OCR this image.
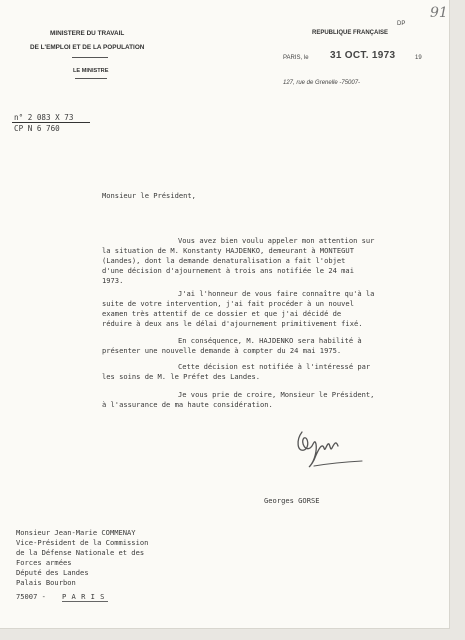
MINISTERE DU TRAVAIL
DE L'EMPLOI ET DE LA POPULATION
LE MINISTRE
REPUBLIQUE FRANÇAISE
DP
91
PARIS, le 31 OCT. 1973	19
127, rue de Grenelle -75007-
n° 2 083 X 73
CP N 6 760
Monsieur le Président,
Vous avez bien voulu appeler mon attention sur
la situation de M. Konstanty HAJDENKO, demeurant à MONTEGUT
(Landes), dont la demande denaturalisation a fait l'objet
d'une décision d'ajournement à trois ans notifiée le 24 mai
1973.
J'ai l'honneur de vous faire connaître qu'à la
suite de votre intervention, j'ai fait procéder à un nouvel
examen très attentif de ce dossier et que j'ai décidé de
réduire à deux ans le délai d'ajournement primitivement fixé.
En conséquence, M. HAJDENKO sera habilité à
présenter une nouvelle demande à compter du 24 mai 1975.
Cette décision est notifiée à l'intéressé par
les soins de M. le Préfet des Landes.
Je vous prie de croire, Monsieur le Président,
à l'assurance de ma haute considération.
Georges GORSE
Monsieur Jean-Marie COMMENAY
Vice-Président de la Commission
de la Défense Nationale et des
Forces armées
Député des Landes
Palais Bourbon
75007 - P A R I S
